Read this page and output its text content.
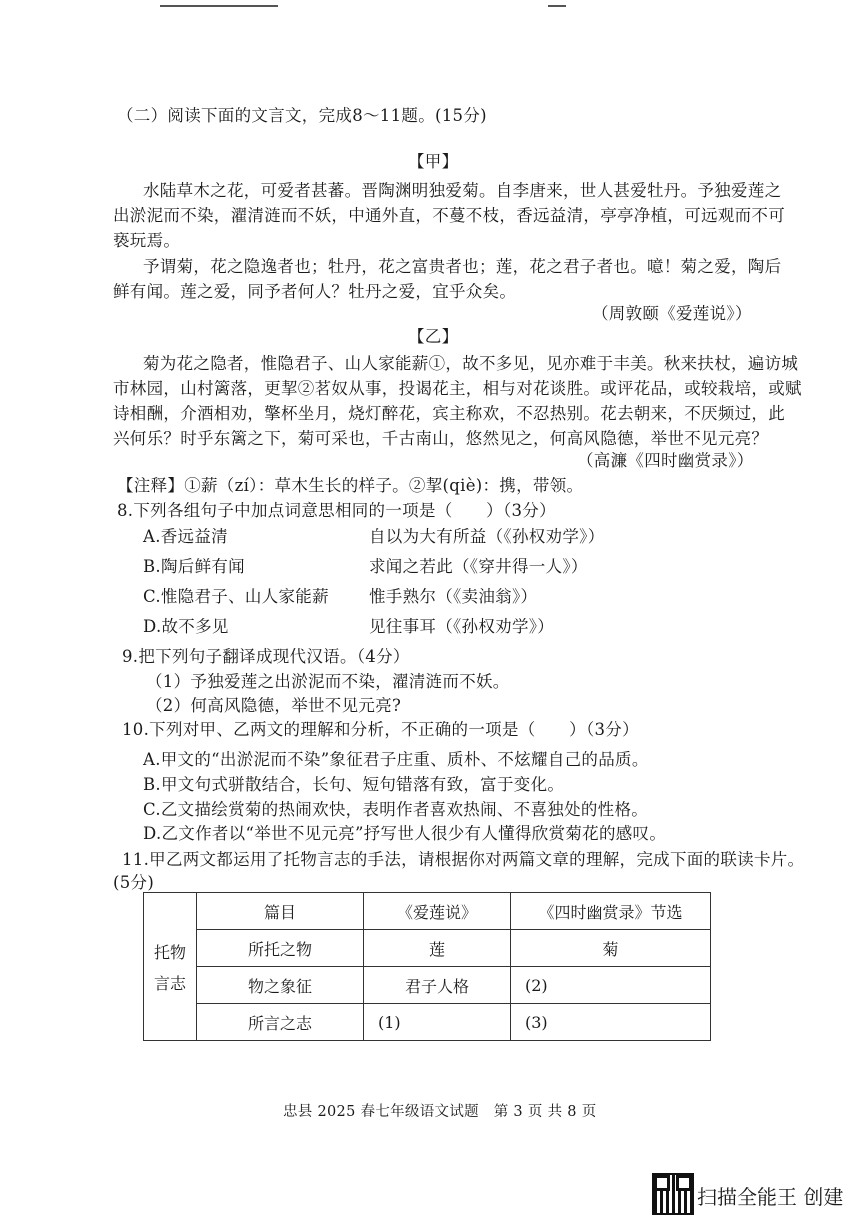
（二）阅读下面的文言文，完成8～11题。(15分)
【甲】
水陆草木之花，可爱者甚蕃。晋陶渊明独爱菊。自李唐来，世人甚爱牡丹。予独爱莲之
出淤泥而不染，濯清涟而不妖，中通外直，不蔓不枝，香远益清，亭亭净植，可远观而不可
亵玩焉。
予谓菊，花之隐逸者也；牡丹，花之富贵者也；莲，花之君子者也。噫！菊之爱，陶后
鲜有闻。莲之爱，同予者何人？牡丹之爱，宜乎众矣。
（周敦颐《爱莲说》）
【乙】
菊为花之隐者，惟隐君子、山人家能薪①，故不多见，见亦难于丰美。秋来扶杖，遍访城
市林园，山村篱落，更挈②茗奴从事，投谒花主，相与对花谈胜。或评花品，或较栽培，或赋
诗相酬，介酒相劝，擎杯坐月，烧灯醉花，宾主称欢，不忍热别。花去朝来，不厌频过，此
兴何乐？时乎东篱之下，菊可采也，千古南山，悠然见之，何高风隐德，举世不见元亮？
（高濂《四时幽赏录》）
【注释】①薪（zí）：草木生长的样子。②挈(qiè)：携，带领。
8.下列各组句子中加点词意思相同的一项是（　　）（3分）
A.香远益清	自以为大有所益（《孙权劝学》）
B.陶后鲜有闻	求闻之若此（《穿井得一人》）
C.惟隐君子、山人家能薪 惟手熟尔（《卖油翁》）
D.故不多见	见往事耳（《孙权劝学》）
9.把下列句子翻译成现代汉语。（4分）
（1）予独爱莲之出淤泥而不染，濯清涟而不妖。
（2）何高风隐德，举世不见元亮?
10.下列对甲、乙两文的理解和分析，不正确的一项是（　　）（3分）
A.甲文的“出淤泥而不染”象征君子庄重、质朴、不炫耀自己的品质。
B.甲文句式骈散结合，长句、短句错落有致，富于变化。
C.乙文描绘赏菊的热闹欢快，表明作者喜欢热闹、不喜独处的性格。
D.乙文作者以“举世不见元亮”抒写世人很少有人懂得欣赏菊花的感叹。
11.甲乙两文都运用了托物言志的手法，请根据你对两篇文章的理解，完成下面的联读卡片。
(5分)
托物
言志	篇目	《爱莲说》	《四时幽赏录》节选
	所托之物	莲	菊
	物之象征	君子人格	(2)
	所言之志	(1)	(3)
忠县 2025 春七年级语文试题　第 3 页 共 8 页
扫描全能王 创建
